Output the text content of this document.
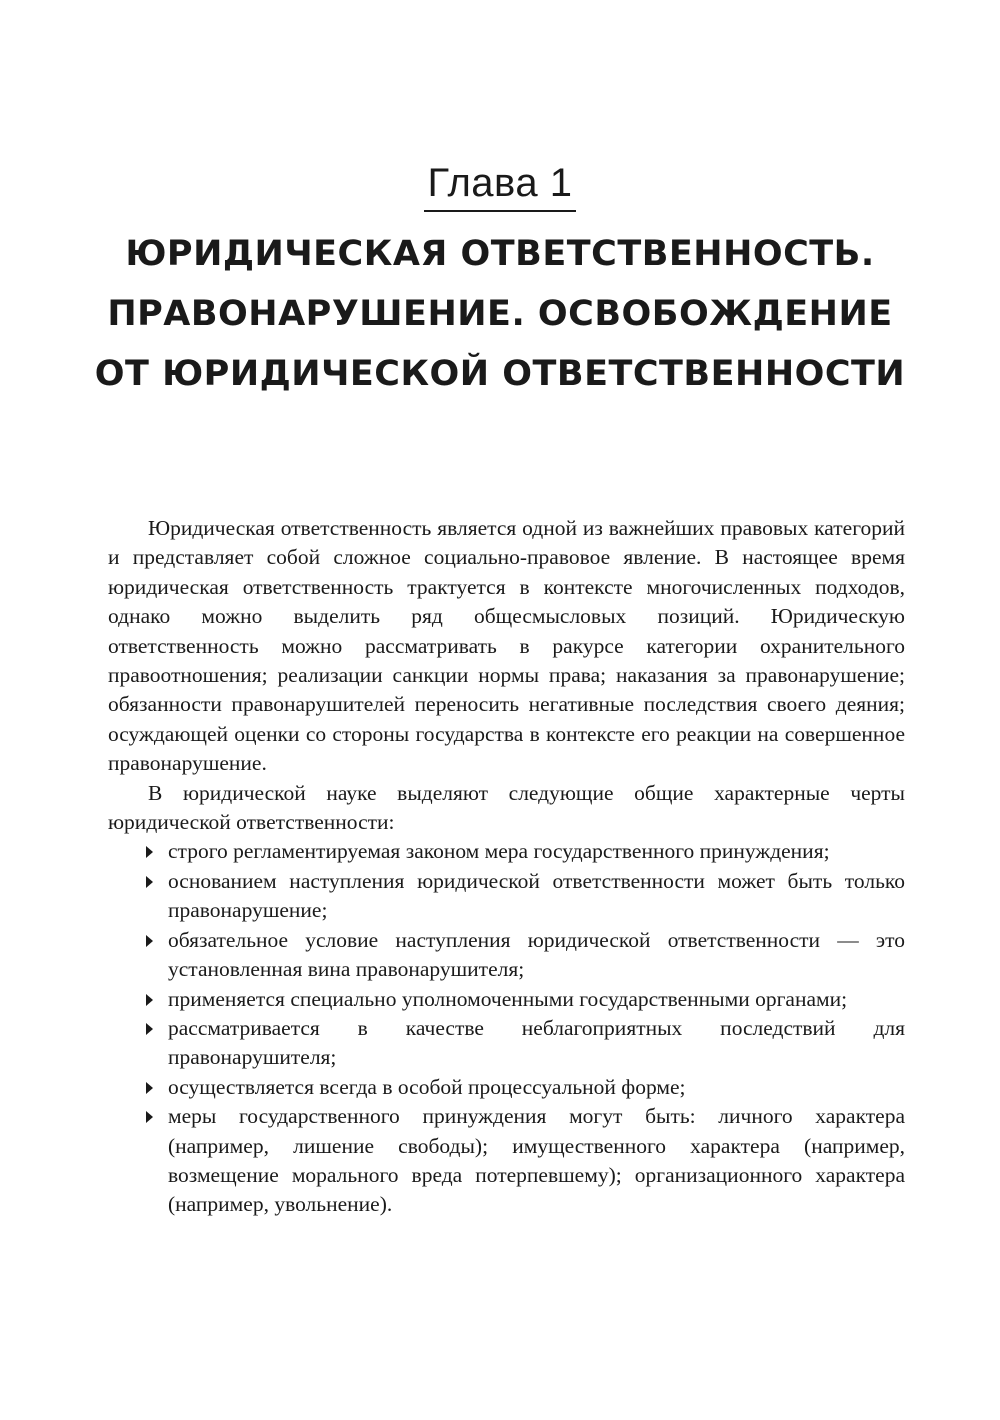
Глава 1
ЮРИДИЧЕСКАЯ ОТВЕТСТВЕННОСТЬ.
ПРАВОНАРУШЕНИЕ. ОСВОБОЖДЕНИЕ
ОТ ЮРИДИЧЕСКОЙ ОТВЕТСТВЕННОСТИ

Юридическая ответственность является одной из важнейших правовых категорий и представляет собой сложное социально-правовое явление. В настоящее время юридическая ответственность трактуется в контексте многочисленных подходов, однако можно выделить ряд общесмысловых позиций. Юридическую ответственность можно рассматривать в ракурсе категории охранительного правоотношения; реализации санкции нормы права; наказания за правонарушение; обязанности правонарушителей переносить негативные последствия своего деяния; осуждающей оценки со стороны государства в контексте его реакции на совершенное правонарушение.

В юридической науке выделяют следующие общие характерные черты юридической ответственности:

строго регламентируемая законом мера государственного принуждения;
основанием наступления юридической ответственности может быть только правонарушение;
обязательное условие наступления юридической ответственности — это установленная вина правонарушителя;
применяется специально уполномоченными государственными органами;
рассматривается в качестве неблагоприятных последствий для правонарушителя;
осуществляется всегда в особой процессуальной форме;
меры государственного принуждения могут быть: личного характера (например, лишение свободы); имущественного характера (например, возмещение морального вреда потерпевшему); организационного характера (например, увольнение).
